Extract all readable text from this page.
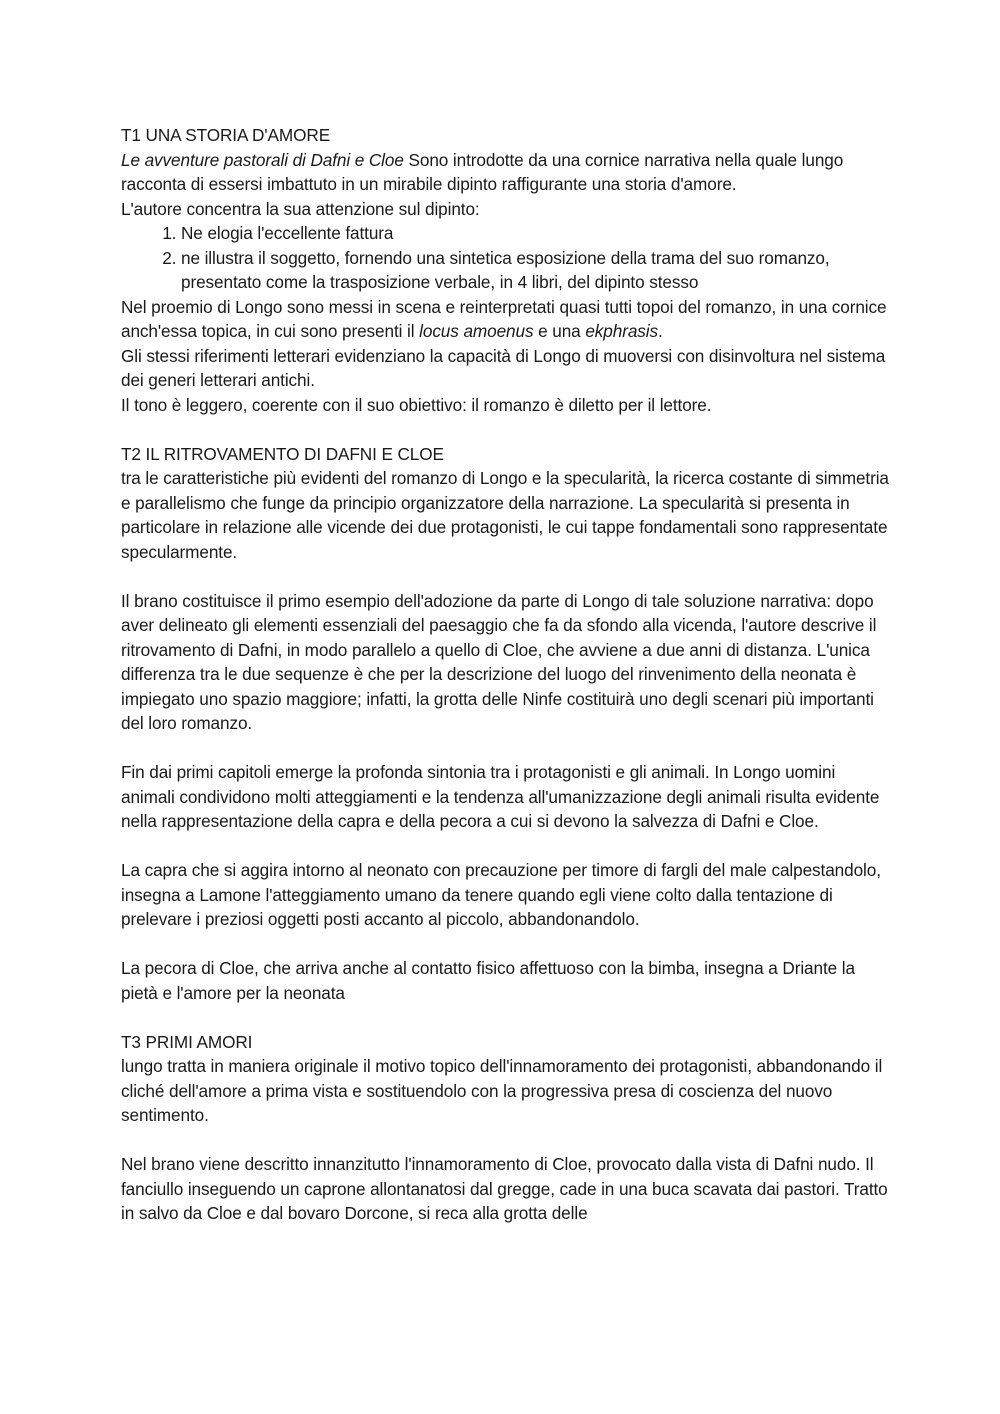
T1 UNA STORIA D'AMORE

Le avventure pastorali di Dafni e Cloe Sono introdotte da una cornice narrativa nella quale lungo racconta di essersi imbattuto in un mirabile dipinto raffigurante una storia d'amore.

L'autore concentra la sua attenzione sul dipinto:

1. Ne elogia l'eccellente fattura
2. ne illustra il soggetto, fornendo una sintetica esposizione della trama del suo romanzo, presentato come la trasposizione verbale, in 4 libri, del dipinto stesso

Nel proemio di Longo sono messi in scena e reinterpretati quasi tutti topoi del romanzo, in una cornice anch'essa topica, in cui sono presenti il locus amoenus e una ekphrasis.

Gli stessi riferimenti letterari evidenziano la capacità di Longo di muoversi con disinvoltura nel sistema dei generi letterari antichi.

Il tono è leggero, coerente con il suo obiettivo: il romanzo è diletto per il lettore.

T2 IL RITROVAMENTO DI DAFNI E CLOE

tra le caratteristiche più evidenti del romanzo di Longo e la specularità, la ricerca costante di simmetria e parallelismo che funge da principio organizzatore della narrazione. La specularità si presenta in particolare in relazione alle vicende dei due protagonisti, le cui tappe fondamentali sono rappresentate specularmente.

Il brano costituisce il primo esempio dell'adozione da parte di Longo di tale soluzione narrativa: dopo aver delineato gli elementi essenziali del paesaggio che fa da sfondo alla vicenda, l'autore descrive il ritrovamento di Dafni, in modo parallelo a quello di Cloe, che avviene a due anni di distanza. L'unica differenza tra le due sequenze è che per la descrizione del luogo del rinvenimento della neonata è impiegato uno spazio maggiore; infatti, la grotta delle Ninfe costituirà uno degli scenari più importanti del loro romanzo.

Fin dai primi capitoli emerge la profonda sintonia tra i protagonisti e gli animali. In Longo uomini animali condividono molti atteggiamenti e la tendenza all'umanizzazione degli animali risulta evidente nella rappresentazione della capra e della pecora a cui si devono la salvezza di Dafni e Cloe.

La capra che si aggira intorno al neonato con precauzione per timore di fargli del male calpestandolo, insegna a Lamone l'atteggiamento umano da tenere quando egli viene colto dalla tentazione di prelevare i preziosi oggetti posti accanto al piccolo, abbandonandolo.

La pecora di Cloe, che arriva anche al contatto fisico affettuoso con la bimba, insegna a Driante la pietà e l'amore per la neonata

T3 PRIMI AMORI

lungo tratta in maniera originale il motivo topico dell'innamoramento dei protagonisti, abbandonando il cliché dell'amore a prima vista e sostituendolo con la progressiva presa di coscienza del nuovo sentimento.

Nel brano viene descritto innanzitutto l'innamoramento di Cloe, provocato dalla vista di Dafni nudo. Il fanciullo inseguendo un caprone allontanatosi dal gregge, cade in una buca scavata dai pastori. Tratto in salvo da Cloe e dal bovaro Dorcone, si reca alla grotta delle
